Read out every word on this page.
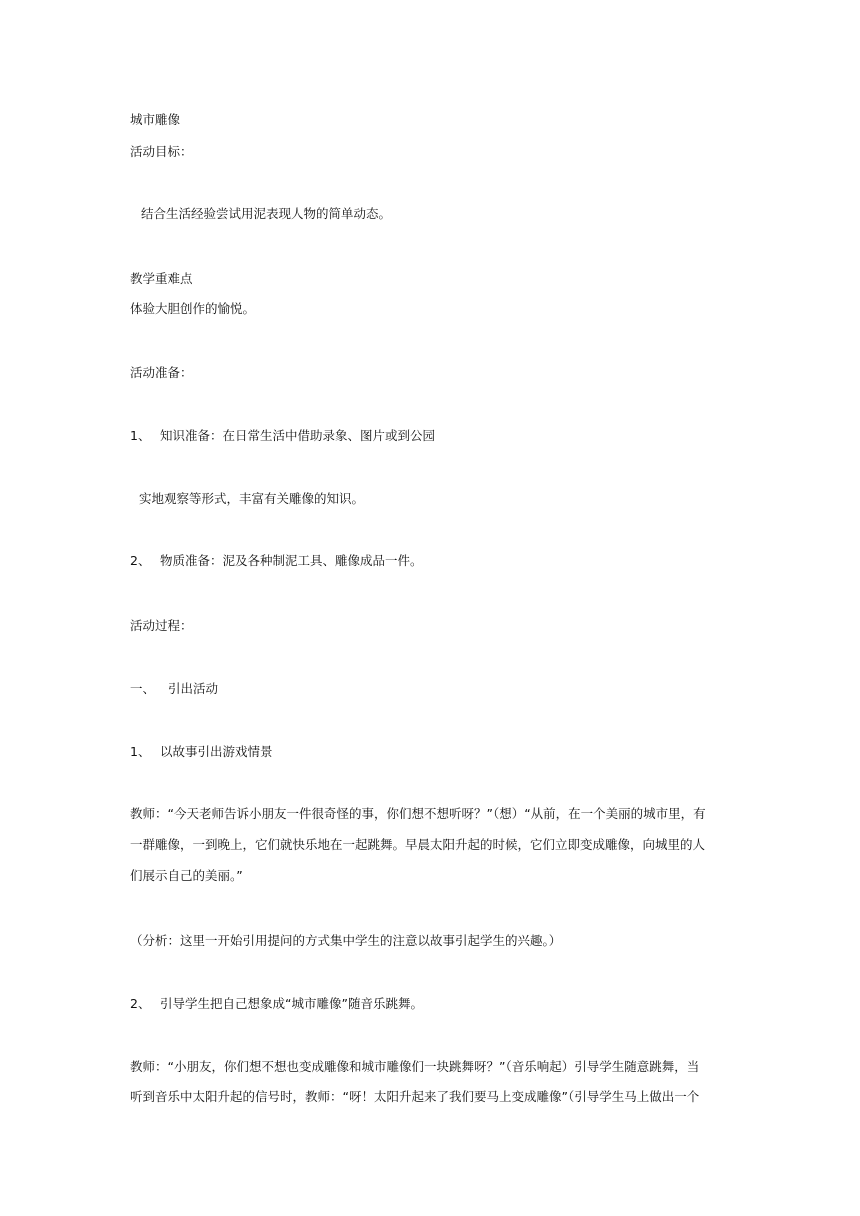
城市雕像
活动目标：
结合生活经验尝试用泥表现人物的简单动态。
教学重难点
体验大胆创作的愉悦。
活动准备：
1、 知识准备：在日常生活中借助录象、图片或到公园
实地观察等形式，丰富有关雕像的知识。
2、 物质准备：泥及各种制泥工具、雕像成品一件。
活动过程：
一、 引出活动
1、 以故事引出游戏情景
教师：“今天老师告诉小朋友一件很奇怪的事，你们想不想听呀？”（想）“从前，在一个美丽的城市里，有
一群雕像，一到晚上，它们就快乐地在一起跳舞。早晨太阳升起的时候，它们立即变成雕像，向城里的人
们展示自己的美丽。”
（分析：这里一开始引用提问的方式集中学生的注意以故事引起学生的兴趣。）
2、 引导学生把自己想象成“城市雕像”随音乐跳舞。
教师：“小朋友，你们想不想也变成雕像和城市雕像们一块跳舞呀？”（音乐响起）引导学生随意跳舞，当
听到音乐中太阳升起的信号时，教师：“呀！太阳升起来了我们要马上变成雕像”（引导学生马上做出一个
